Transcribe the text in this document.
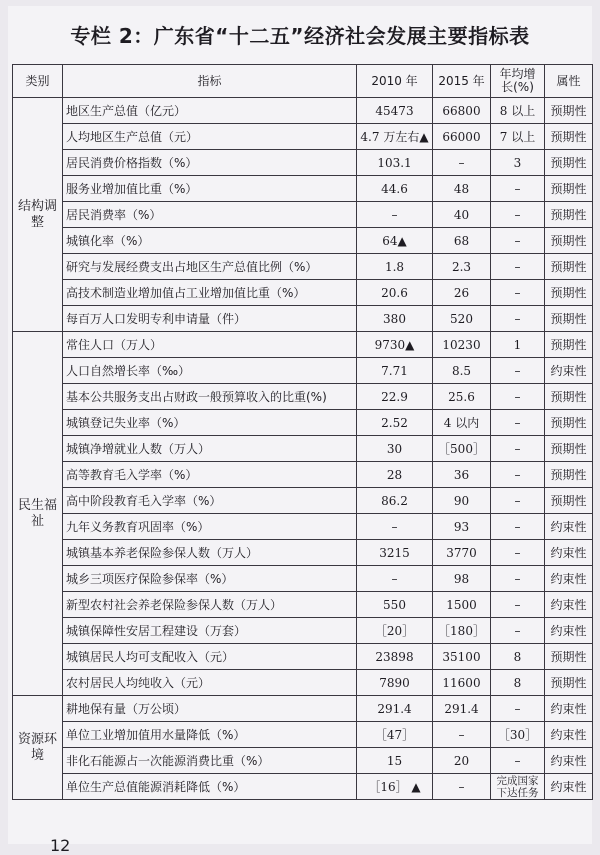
专栏 2：广东省“十二五”经济社会发展主要指标表
类别	指标	2010 年	2015 年	年均增长(%)	属性
结构调整	地区生产总值（亿元）	45473	66800	8 以上	预期性
	人均地区生产总值（元）	4.7 万左右▲	66000	7 以上	预期性
	居民消费价格指数（%）	103.1	–	3	预期性
	服务业增加值比重（%）	44.6	48	–	预期性
	居民消费率（%）	–	40	–	预期性
	城镇化率（%）	64▲	68	–	预期性
	研究与发展经费支出占地区生产总值比例（%）	1.8	2.3	–	预期性
	高技术制造业增加值占工业增加值比重（%）	20.6	26	–	预期性
	每百万人口发明专利申请量（件）	380	520	–	预期性
民生福祉	常住人口（万人）	9730▲	10230	1	预期性
	人口自然增长率（‰）	7.71	8.5	–	约束性
	基本公共服务支出占财政一般预算收入的比重(%)	22.9	25.6	–	预期性
	城镇登记失业率（%）	2.52	4 以内	–	预期性
	城镇净增就业人数（万人）	30	［500］	–	预期性
	高等教育毛入学率（%）	28	36	–	预期性
	高中阶段教育毛入学率（%）	86.2	90	–	预期性
	九年义务教育巩固率（%）	–	93	–	约束性
	城镇基本养老保险参保人数（万人）	3215	3770	–	约束性
	城乡三项医疗保险参保率（%）	–	98	–	约束性
	新型农村社会养老保险参保人数（万人）	550	1500	–	约束性
	城镇保障性安居工程建设（万套）	［20］	［180］	–	约束性
	城镇居民人均可支配收入（元）	23898	35100	8	预期性
	农村居民人均纯收入（元）	7890	11600	8	预期性
资源环境	耕地保有量（万公顷）	291.4	291.4	–	约束性
	单位工业增加值用水量降低（%）	［47］	–	［30］	约束性
	非化石能源占一次能源消费比重（%）	15	20	–	约束性
	单位生产总值能源消耗降低（%）	［16］ ▲	–	完成国家下达任务	约束性
12
